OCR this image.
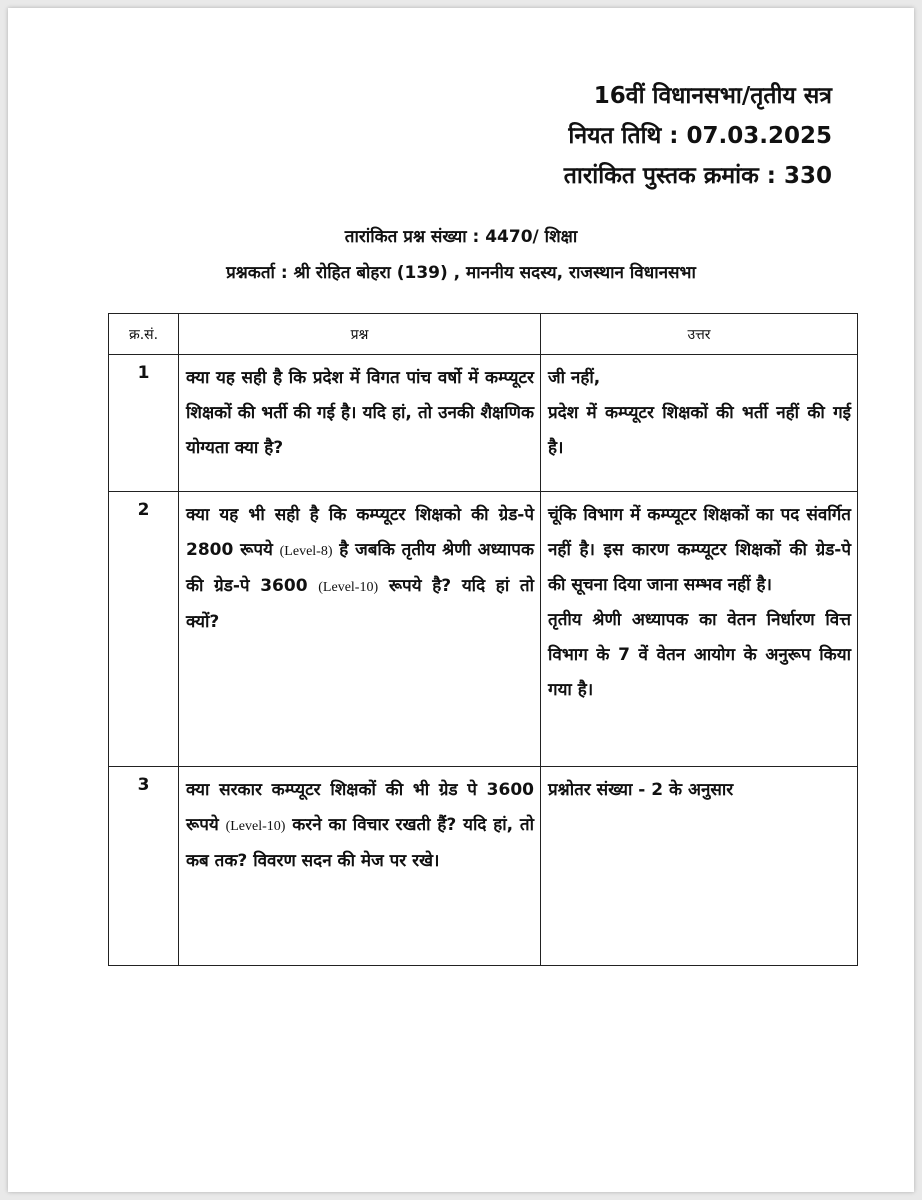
16वीं विधानसभा/तृतीय सत्र
नियत तिथि : 07.03.2025
तारांकित पुस्तक क्रमांक : 330
तारांकित प्रश्न संख्या : 4470/ शिक्षा
प्रश्नकर्ता : श्री रोहित बोहरा (139) , माननीय सदस्य, राजस्थान विधानसभा
क्र.सं.	प्रश्न	उत्तर
1	क्या यह सही है कि प्रदेश में विगत पांच वर्षो में कम्प्यूटर शिक्षकों की भर्ती की गई है। यदि हां, तो उनकी शैक्षणिक योग्यता क्या है?	जी नहीं,
प्रदेश में कम्प्यूटर शिक्षकों की भर्ती नहीं की गई है।

2	क्या यह भी सही है कि कम्प्यूटर शिक्षको की ग्रेड-पे 2800 रूपये (Level-8) है जबकि तृतीय श्रेणी अध्यापक की ग्रेड-पे 3600 (Level-10) रूपये है? यदि हां तो क्यों?	चूंकि विभाग में कम्प्यूटर शिक्षकों का पद संवर्गित नहीं है। इस कारण कम्प्यूटर शिक्षकों की ग्रेड-पे की सूचना दिया जाना सम्भव नहीं है।
तृतीय श्रेणी अध्यापक का वेतन निर्धारण वित्त विभाग के 7 वें वेतन आयोग के अनुरूप किया गया है।

3	क्या सरकार कम्प्यूटर शिक्षकों की भी ग्रेड पे 3600 रूपये (Level-10) करने का विचार रखती हैं? यदि हां, तो कब तक? विवरण सदन की मेज पर रखे।	प्रश्नोतर संख्या - 2 के अनुसार
